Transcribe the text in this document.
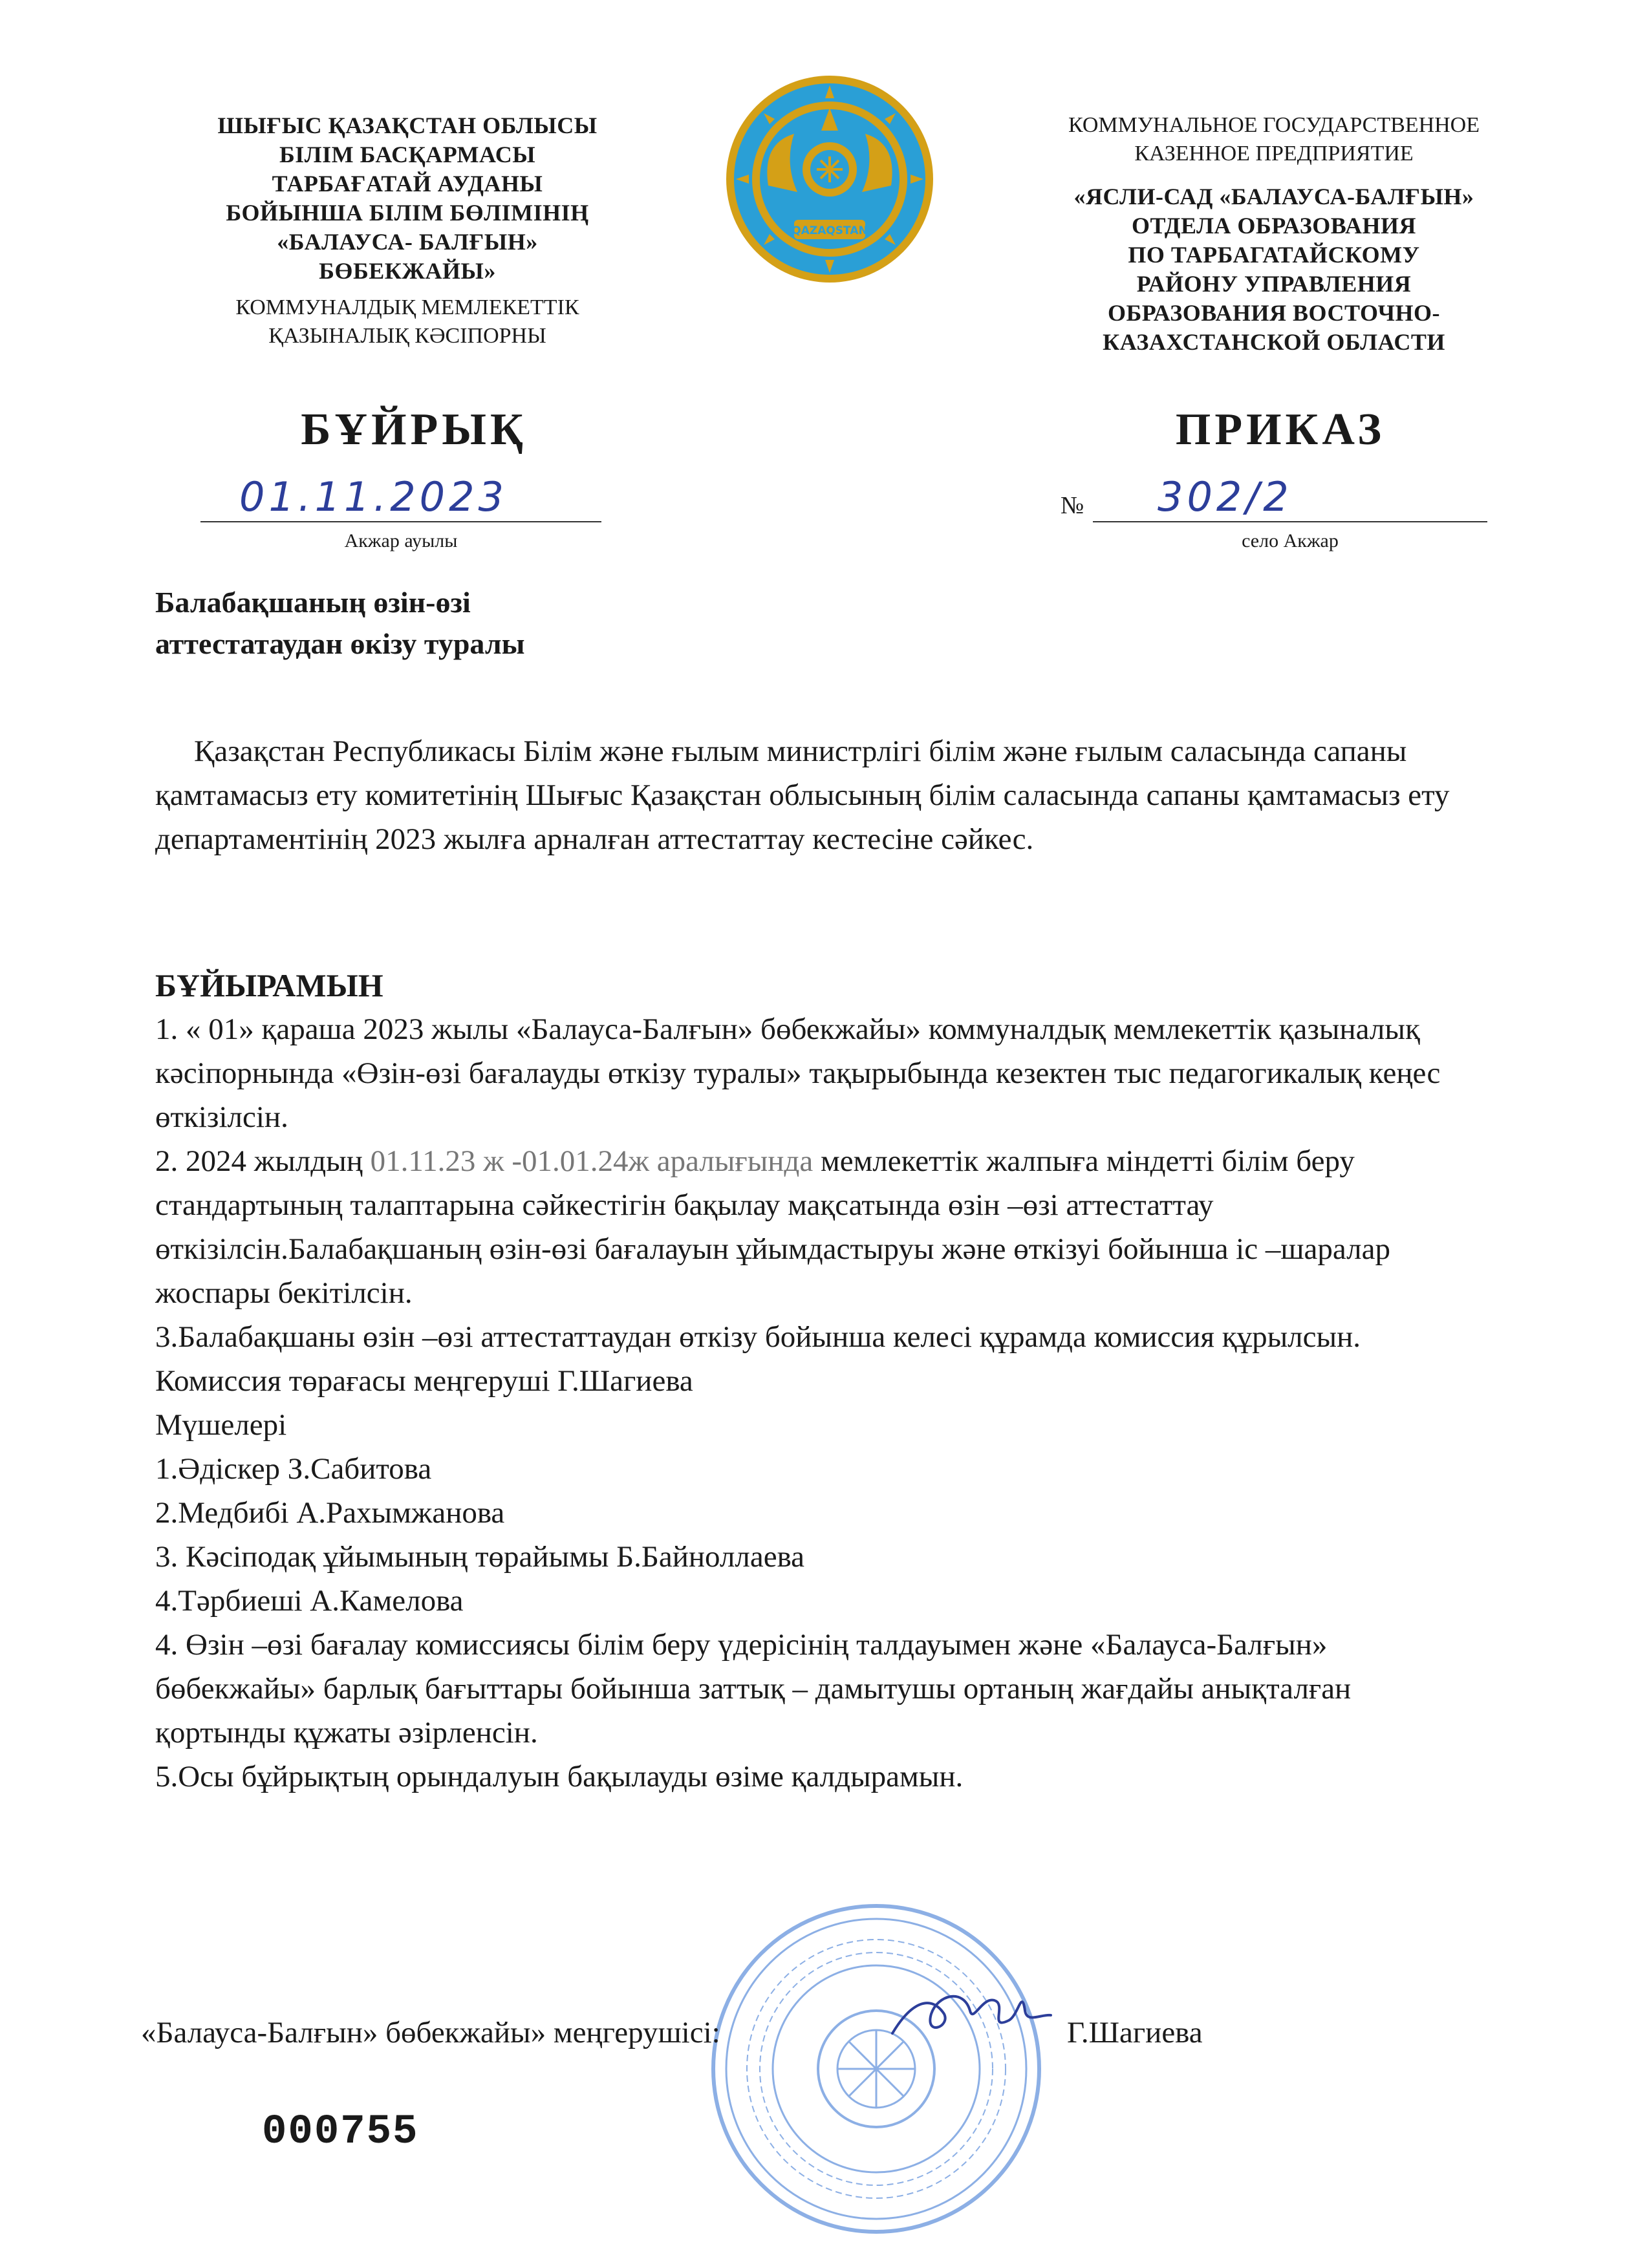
ШЫҒЫС ҚАЗАҚСТАН ОБЛЫСЫ
БІЛІМ БАСҚАРМАСЫ
ТАРБАҒАТАЙ АУДАНЫ
БОЙЫНША БІЛІМ БӨЛІМІНІҢ
«БАЛАУСА- БАЛҒЫН»
БӨБЕКЖАЙЫ»
КОММУНАЛДЫҚ МЕМЛЕКЕТТІК
ҚАЗЫНАЛЫҚ КӘСІПОРНЫ
QAZAQSTAN
КОММУНАЛЬНОЕ ГОСУДАРСТВЕННОЕ
КАЗЕННОЕ ПРЕДПРИЯТИЕ
«ЯСЛИ-САД «БАЛАУСА-БАЛҒЫН»
ОТДЕЛА ОБРАЗОВАНИЯ
ПО ТАРБАГАТАЙСКОМУ
РАЙОНУ УПРАВЛЕНИЯ
ОБРАЗОВАНИЯ ВОСТОЧНО-
КАЗАХСТАНСКОЙ ОБЛАСТИ
БҰЙРЫҚ	ПРИКАЗ
01.11.2023
Акжар ауылы
№ 302/2
село Акжар
Балабақшаның өзін-өзі
аттестатаудан өкізу туралы

Қазақстан Республикасы Білім және ғылым министрлігі білім және ғылым саласында сапаны қамтамасыз ету комитетінің Шығыс Қазақстан облысының білім саласында сапаны қамтамасыз ету департаментінің 2023 жылға арналған аттестаттау кестесіне сәйкес.

БҰЙЫРАМЫН

1. « 01» қараша 2023 жылы «Балауса-Балғын» бөбекжайы» коммуналдық мемлекеттік қазыналық кәсіпорнында «Өзін-өзі бағалауды өткізу туралы» тақырыбында кезектен тыс педагогикалық кеңес өткізілсін.

2. 2024 жылдың 01.11.23 ж -01.01.24ж аралығында мемлекеттік жалпыға міндетті білім беру стандартының талаптарына сәйкестігін бақылау мақсатында өзін –өзі аттестаттау өткізілсін.Балабақшаның өзін-өзі бағалауын ұйымдастыруы және өткізуі бойынша іс –шаралар жоспары бекітілсін.

3.Балабақшаны өзін –өзі аттестаттаудан өткізу бойынша келесі құрамда комиссия құрылсын.

Комиссия төрағасы меңгеруші Г.Шагиева

Мүшелері

1.Әдіскер З.Сабитова

2.Медбибі А.Рахымжанова

3. Кәсіподақ ұйымының төрайымы Б.Байноллаева

4.Тәрбиеші А.Камелова

4. Өзін –өзі бағалау комиссиясы білім беру үдерісінің талдауымен және «Балауса-Балғын» бөбекжайы» барлық бағыттары бойынша заттық – дамытушы ортаның жағдайы анықталған қортынды құжаты әзірленсін.

5.Осы бұйрықтың орындалуын бақылауды өзіме қалдырамын.

«Балауса-Балғын» бөбекжайы» меңгерушісі:	Г.Шагиева
000755
